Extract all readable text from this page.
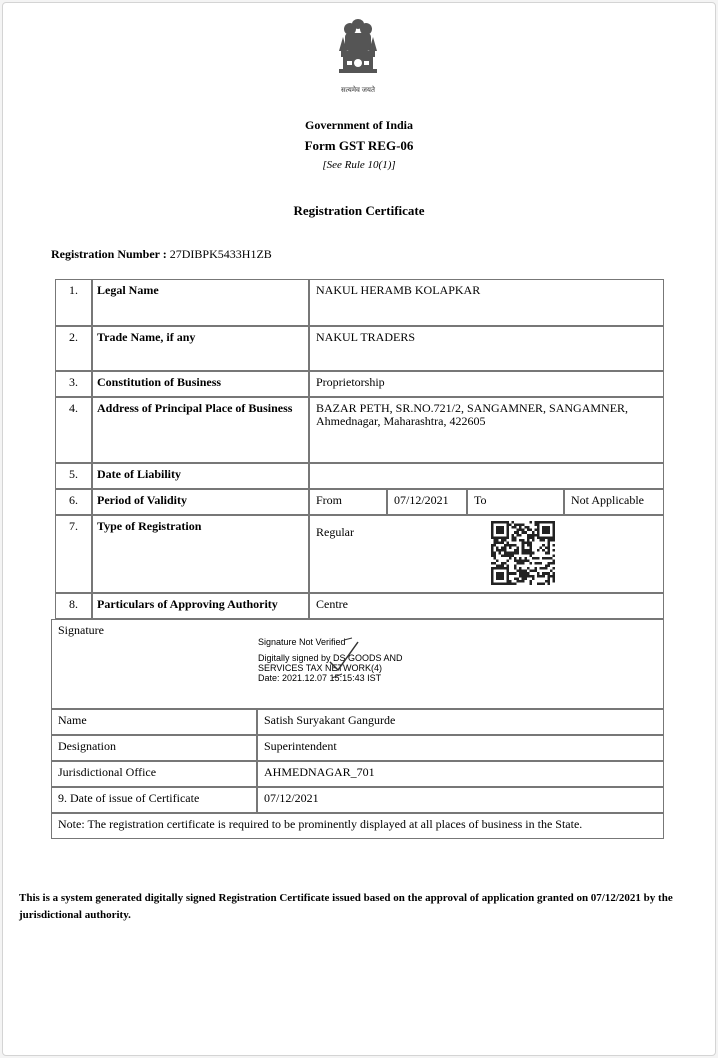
सत्यमेव जयते
Government of India
Form GST REG-06
[See Rule 10(1)]
Registration Certificate
Registration Number : 27DIBPK5433H1ZB
1.	Legal Name	NAKUL HERAMB KOLAPKAR
2.	Trade Name, if any	NAKUL TRADERS
3.	Constitution of Business	Proprietorship
4.	Address of Principal Place of Business	BAZAR PETH, SR.NO.721/2, SANGAMNER, SANGAMNER, Ahmednagar, Maharashtra, 422605
5.	Date of Liability
6.	Period of Validity	From	07/12/2021	To	Not Applicable
7.	Type of Registration	Regular
8.	Particulars of Approving Authority	Centre
Signature
Signature Not Verified
Digitally signed by DS GOODS AND
SERVICES TAX NETWORK(4)
Date: 2021.12.07 15:15:43 IST
Name	Satish Suryakant Gangurde
Designation	Superintendent
Jurisdictional Office	AHMEDNAGAR_701
9. Date of issue of Certificate	07/12/2021
Note: The registration certificate is required to be prominently displayed at all places of business in the State.
This is a system generated digitally signed Registration Certificate issued based on the approval of application granted on 07/12/2021 by the jurisdictional authority.
